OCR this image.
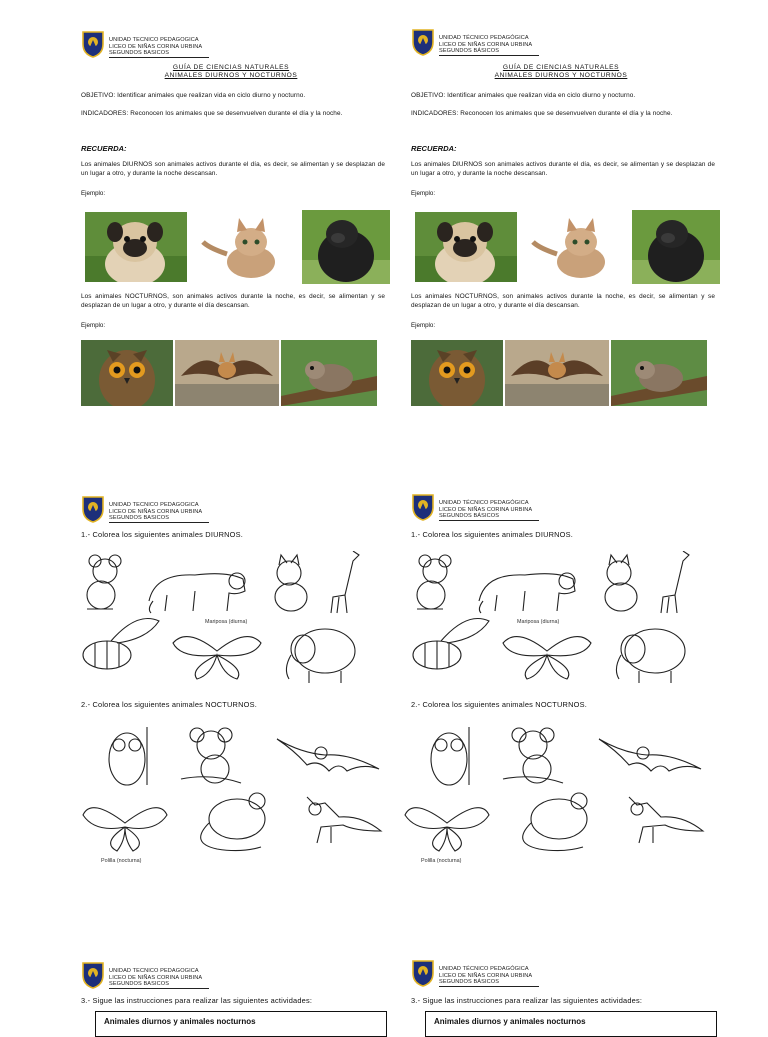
UNIDAD TECNICO PEDAGOGICA
LICEO DE NIÑAS CORINA URBINA
SEGUNDOS BASICOS
GUÍA DE CIENCIAS NATURALES
ANIMALES DIURNOS Y NOCTURNOS
OBJETIVO: Identificar animales que realizan vida en ciclo diurno y nocturno.
INDICADORES: Reconocen los animales que se desenvuelven durante el día y la noche.
RECUERDA:
Los animales DIURNOS son animales activos durante el día, es decir, se alimentan y se desplazan de un lugar a otro, y durante la noche descansan.
Ejemplo:
Los animales NOCTURNOS, son animales activos durante la noche, es decir, se alimentan y se desplazan de un lugar a otro, y durante el día descansan.
Ejemplo:
UNIDAD TECNICO PEDAGOGICA
LICEO DE NIÑAS CORINA URBINA
SEGUNDOS BASICOS
1.- Colorea los siguientes animales DIURNOS.
Mariposa (diurna)
2.- Colorea los siguientes animales NOCTURNOS.
Polilla (nocturna)
UNIDAD TECNICO PEDAGOGICA
LICEO DE NIÑAS CORINA URBINA
SEGUNDOS BASICOS
3.- Sigue las instrucciones para realizar las siguientes actividades:
Animales diurnos y animales nocturnos
UNIDAD TÉCNICO PEDAGÓGICA
LICEO DE NIÑAS CORINA URBINA
SEGUNDOS BÁSICOS
GUÍA DE CIENCIAS NATURALES
ANIMALES DIURNOS Y NOCTURNOS
OBJETIVO: Identificar animales que realizan vida en ciclo diurno y nocturno.
INDICADORES: Reconocen los animales que se desenvuelven durante el día y la noche.
RECUERDA:
Los animales DIURNOS son animales activos durante el día, es decir, se alimentan y se desplazan de un lugar a otro, y durante la noche descansan.
Ejemplo:
Los animales NOCTURNOS, son animales activos durante la noche, es decir, se alimentan y se desplazan de un lugar a otro, y durante el día descansan.
Ejemplo:
UNIDAD TÉCNICO PEDAGÓGICA
LICEO DE NIÑAS CORINA URBINA
SEGUNDOS BÁSICOS
1.- Colorea los siguientes animales DIURNOS.
Mariposa (diurna)
2.- Colorea los siguientes animales NOCTURNOS.
Polilla (nocturna)
UNIDAD TÉCNICO PEDAGÓGICA
LICEO DE NIÑAS CORINA URBINA
SEGUNDOS BÁSICOS
3.- Sigue las instrucciones para realizar las siguientes actividades:
Animales diurnos y animales nocturnos
